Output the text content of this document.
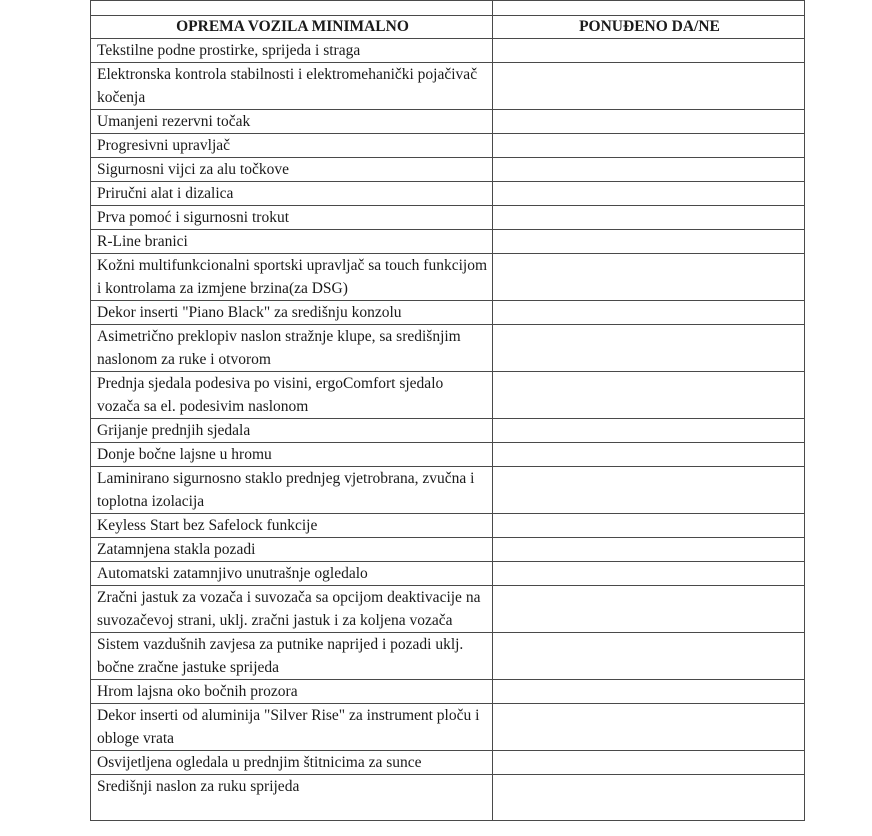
OPREMA VOZILA MINIMALNO	PONUĐENO DA/NE
Tekstilne podne prostirke, sprijeda i straga	
Elektronska kontrola stabilnosti i elektromehanički pojačivač kočenja	
Umanjeni rezervni točak	
Progresivni upravljač	
Sigurnosni vijci za alu točkove	
Priručni alat i dizalica	
Prva pomoć i sigurnosni trokut	
R-Line branici	
Kožni multifunkcionalni sportski upravljač sa touch funkcijom i kontrolama za izmjene brzina(za DSG)	
Dekor inserti "Piano Black" za središnju konzolu	
Asimetrično preklopiv naslon stražnje klupe, sa središnjim naslonom za ruke i otvorom	
Prednja sjedala podesiva po visini, ergoComfort sjedalo vozača sa el. podesivim naslonom	
Grijanje prednjih sjedala	
Donje bočne lajsne u hromu	
Laminirano sigurnosno staklo prednjeg vjetrobrana, zvučna i toplotna izolacija	
Keyless Start bez Safelock funkcije	
Zatamnjena stakla pozadi	
Automatski zatamnjivo unutrašnje ogledalo	
Zračni jastuk za vozača i suvozača sa opcijom deaktivacije na suvozačevoj strani, uklj. zračni jastuk i za koljena vozača	
Sistem vazdušnih zavjesa za putnike naprijed i pozadi uklj. bočne zračne jastuke sprijeda	
Hrom lajsna oko bočnih prozora	
Dekor inserti od aluminija "Silver Rise" za instrument ploču i obloge vrata	
Osvijetljena ogledala u prednjim štitnicima za sunce	
Središnji naslon za ruku sprijeda	
